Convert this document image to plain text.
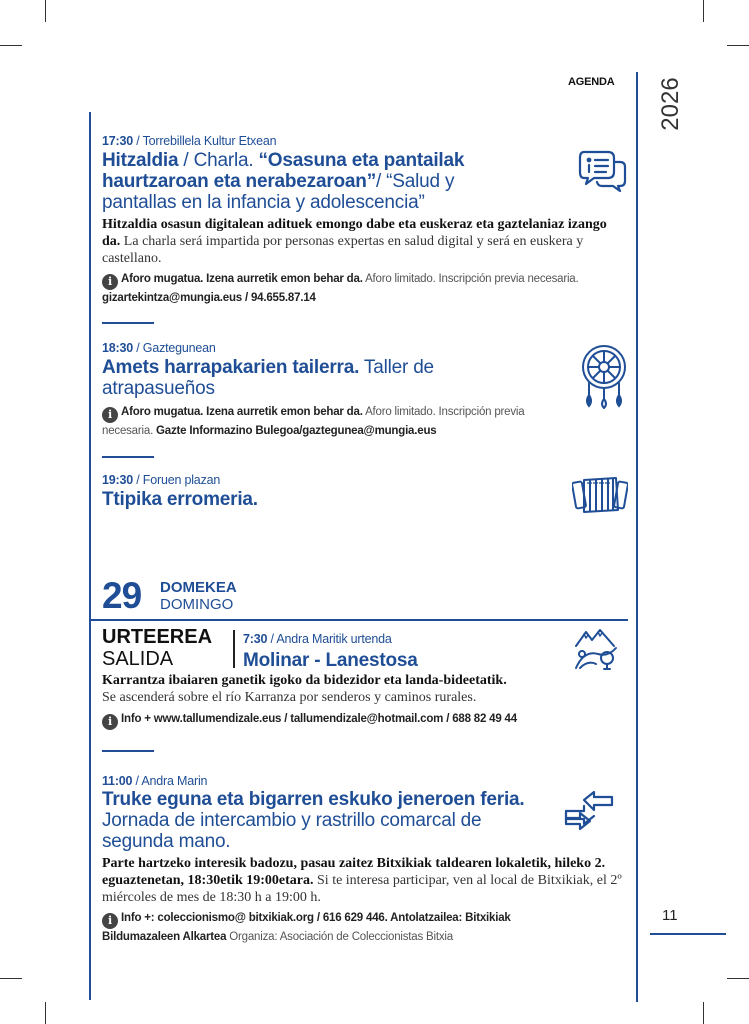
AGENDA 2026
11
17:30 / Torrebillela Kultur Etxean
Hitzaldia / Charla. “Osasuna eta pantailak haurtzaroan eta nerabezaroan”/ “Salud y pantallas en la infancia y adolescencia”
Hitzaldia osasun digitalean adituek emongo dabe eta euskeraz eta gaztelaniaz izango da. La charla será impartida por personas expertas en salud digital y será en euskera y castellano.
i Aforo mugatua. Izena aurretik emon behar da. Aforo limitado. Inscripción previa necesaria.
gizartekintza@mungia.eus / 94.655.87.14
18:30 / Gaztegunean
Amets harrapakarien tailerra. Taller de atrapasueños
i Aforo mugatua. Izena aurretik emon behar da. Aforo limitado. Inscripción previa necesaria. Gazte Informazino Bulegoa/gaztegunea@mungia.eus
19:30 / Foruen plazan
Ttipika erromeria.
29 DOMEKEA
DOMINGO
URTEEREA
SALIDA
7:30 / Andra Maritik urtenda
Molinar - Lanestosa
Karrantza ibaiaren ganetik igoko da bidezidor eta landa-bideetatik.
Se ascenderá sobre el río Karranza por senderos y caminos rurales.
i Info + www.tallumendizale.eus / tallumendizale@hotmail.com / 688 82 49 44
11:00 / Andra Marin
Truke eguna eta bigarren eskuko jeneroen feria.
Jornada de intercambio y rastrillo comarcal de segunda mano.
Parte hartzeko interesik badozu, pasau zaitez Bitxikiak taldearen lokaletik, hileko 2. eguaztenetan, 18:30etik 19:00etara. Si te interesa participar, ven al local de Bitxikiak, el 2º miércoles de mes de 18:30 h a 19:00 h.
i Info +: coleccionismo@ bitxikiak.org / 616 629 446. Antolatzailea: Bitxikiak Bildumazaleen Alkartea Organiza: Asociación de Coleccionistas Bitxia
